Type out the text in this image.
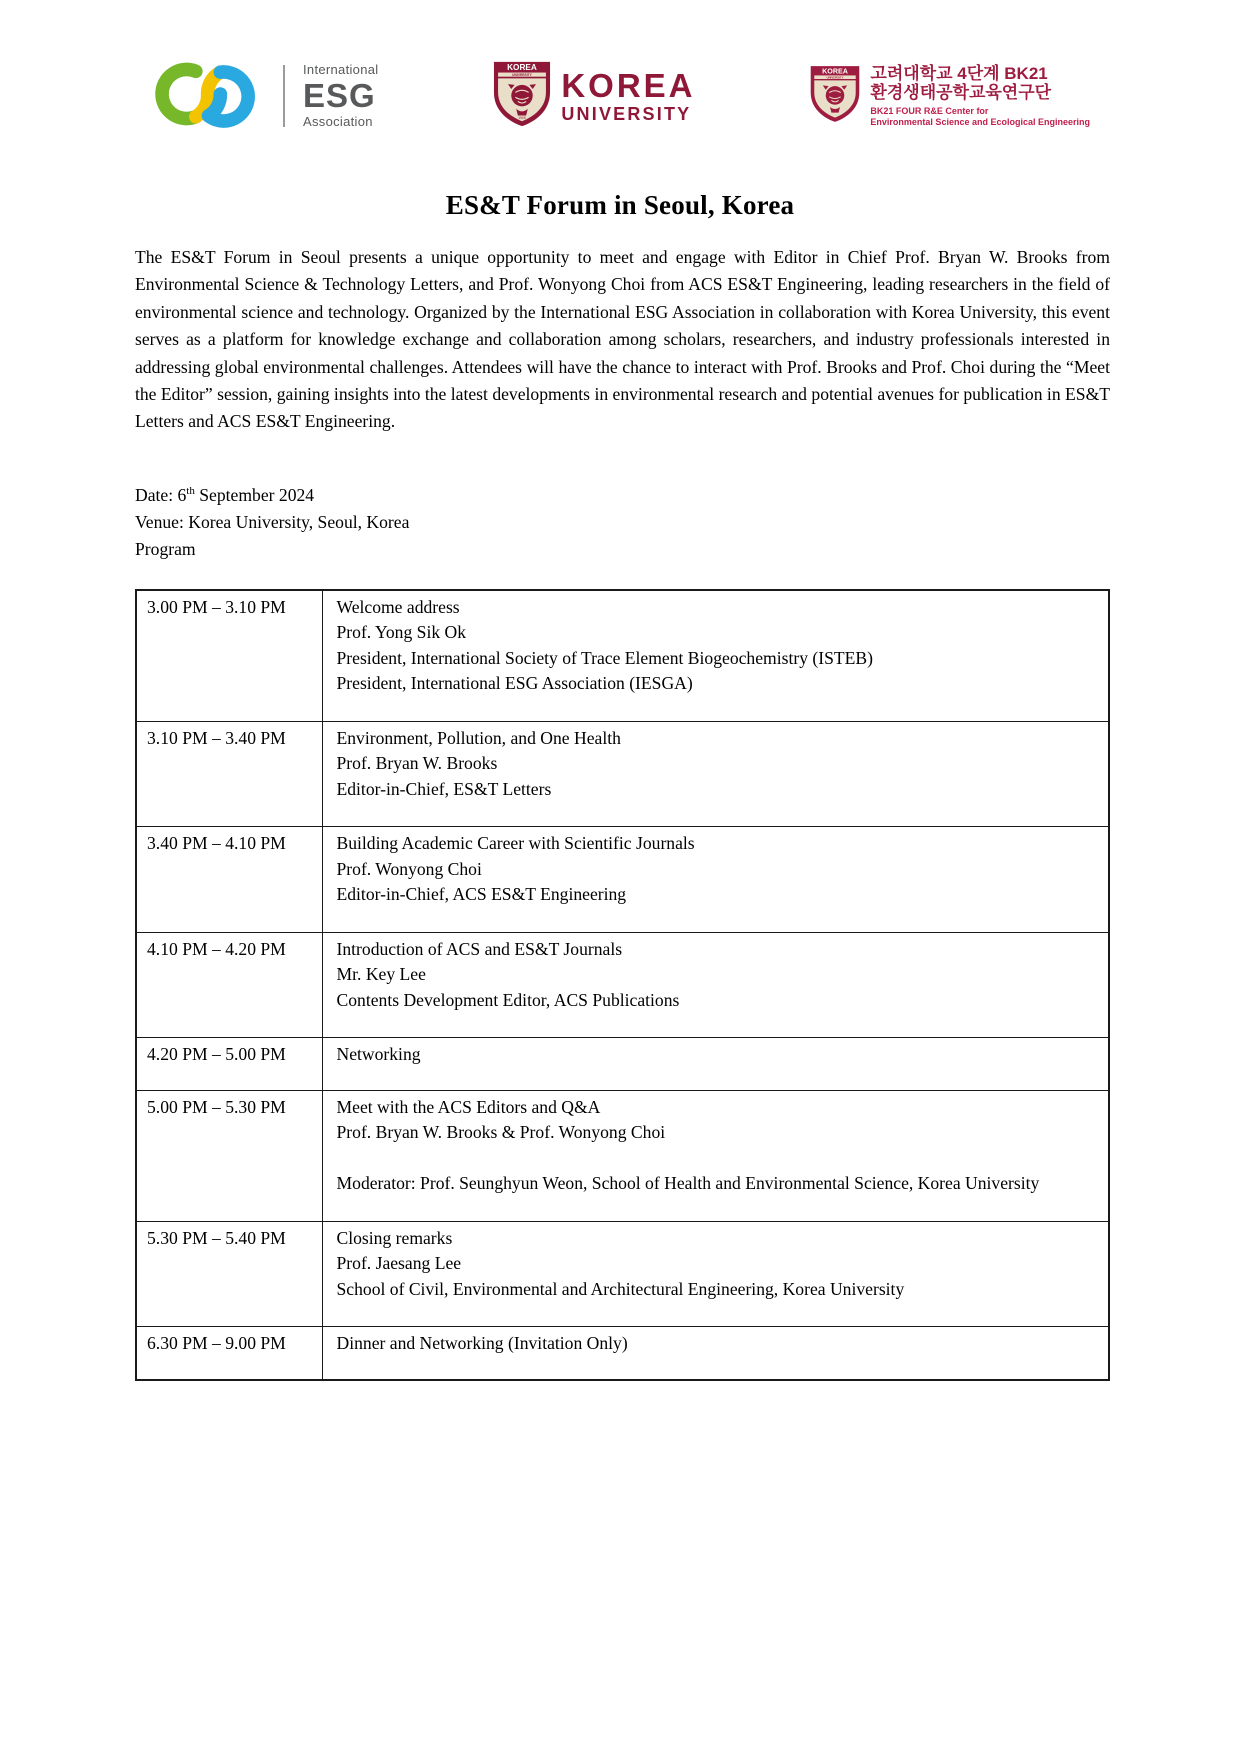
International
ESG
Association
KOREA
UNIVERSITY
1905
KOREA
UNIVERSITY
KOREA
UNIVERSITY 고려대학교 4단계 BK21
환경생태공학교육연구단
BK21 FOUR R&E Center for
Environmental Science and Ecological Engineering
ES&T Forum in Seoul, Korea

The ES&T Forum in Seoul presents a unique opportunity to meet and engage with Editor in Chief Prof. Bryan W. Brooks from Environmental Science & Technology Letters, and Prof. Wonyong Choi from ACS ES&T Engineering, leading researchers in the field of environmental science and technology. Organized by the International ESG Association in collaboration with Korea University, this event serves as a platform for knowledge exchange and collaboration among scholars, researchers, and industry professionals interested in addressing global environmental challenges. Attendees will have the chance to interact with Prof. Brooks and Prof. Choi during the “Meet the Editor” session, gaining insights into the latest developments in environmental research and potential avenues for publication in ES&T Letters and ACS ES&T Engineering.

Date: 6th September 2024
Venue: Korea University, Seoul, Korea
Program
3.00 PM – 3.10 PM	Welcome address
Prof. Yong Sik Ok
President, International Society of Trace Element Biogeochemistry (ISTEB)
President, International ESG Association (IESGA)

3.10 PM – 3.40 PM	Environment, Pollution, and One Health
Prof. Bryan W. Brooks
Editor-in-Chief, ES&T Letters

3.40 PM – 4.10 PM	Building Academic Career with Scientific Journals
Prof. Wonyong Choi
Editor-in-Chief, ACS ES&T Engineering

4.10 PM – 4.20 PM	Introduction of ACS and ES&T Journals
Mr. Key Lee
Contents Development Editor, ACS Publications

4.20 PM – 5.00 PM	Networking

5.00 PM – 5.30 PM	Meet with the ACS Editors and Q&A
Prof. Bryan W. Brooks & Prof. Wonyong Choi

Moderator: Prof. Seunghyun Weon, School of Health and Environmental Science, Korea University

5.30 PM – 5.40 PM	Closing remarks
Prof. Jaesang Lee
School of Civil, Environmental and Architectural Engineering, Korea University

6.30 PM – 9.00 PM	Dinner and Networking (Invitation Only)
